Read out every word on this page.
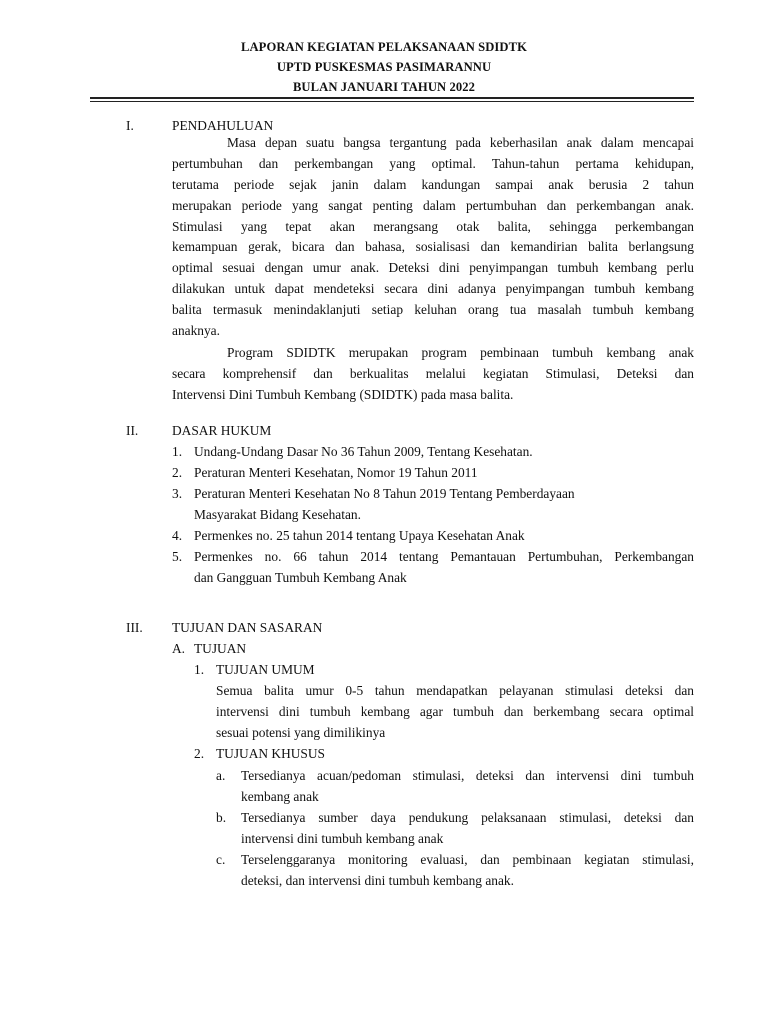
LAPORAN KEGIATAN PELAKSANAAN SDIDTK
UPTD PUSKESMAS PASIMARANNU
BULAN JANUARI TAHUN 2022
I.	PENDAHULUAN
Masa depan suatu bangsa tergantung pada keberhasilan anak dalam mencapai
pertumbuhan dan perkembangan yang optimal. Tahun-tahun pertama kehidupan,
terutama periode sejak janin dalam kandungan sampai anak berusia 2 tahun
merupakan periode yang sangat penting dalam pertumbuhan dan perkembangan anak.
Stimulasi yang tepat akan merangsang otak balita, sehingga perkembangan
kemampuan gerak, bicara dan bahasa, sosialisasi dan kemandirian balita berlangsung
optimal sesuai dengan umur anak. Deteksi dini penyimpangan tumbuh kembang perlu
dilakukan untuk dapat mendeteksi secara dini adanya penyimpangan tumbuh kembang
balita termasuk menindaklanjuti setiap keluhan orang tua masalah tumbuh kembang
anaknya.
Program SDIDTK merupakan program pembinaan tumbuh kembang anak
secara komprehensif dan berkualitas melalui kegiatan Stimulasi, Deteksi dan
Intervensi Dini Tumbuh Kembang (SDIDTK) pada masa balita.
II.	DASAR HUKUM
1. Undang-Undang Dasar No 36 Tahun 2009, Tentang Kesehatan.
2. Peraturan Menteri Kesehatan, Nomor 19 Tahun 2011
3. Peraturan Menteri Kesehatan No 8 Tahun 2019 Tentang Pemberdayaan
Masyarakat Bidang Kesehatan.
4. Permenkes no. 25 tahun 2014 tentang Upaya Kesehatan Anak
5. Permenkes no. 66 tahun 2014 tentang Pemantauan Pertumbuhan, Perkembangan
dan Gangguan Tumbuh Kembang Anak
III. TUJUAN DAN SASARAN
A. TUJUAN
1. TUJUAN UMUM
Semua balita umur 0-5 tahun mendapatkan pelayanan stimulasi deteksi dan
intervensi dini tumbuh kembang agar tumbuh dan berkembang secara optimal
sesuai potensi yang dimilikinya
2. TUJUAN KHUSUS
a. Tersedianya acuan/pedoman stimulasi, deteksi dan intervensi dini tumbuh
kembang anak
b. Tersedianya sumber daya pendukung pelaksanaan stimulasi, deteksi dan
intervensi dini tumbuh kembang anak
c. Terselenggaranya monitoring evaluasi, dan pembinaan kegiatan stimulasi,
deteksi, dan intervensi dini tumbuh kembang anak.
